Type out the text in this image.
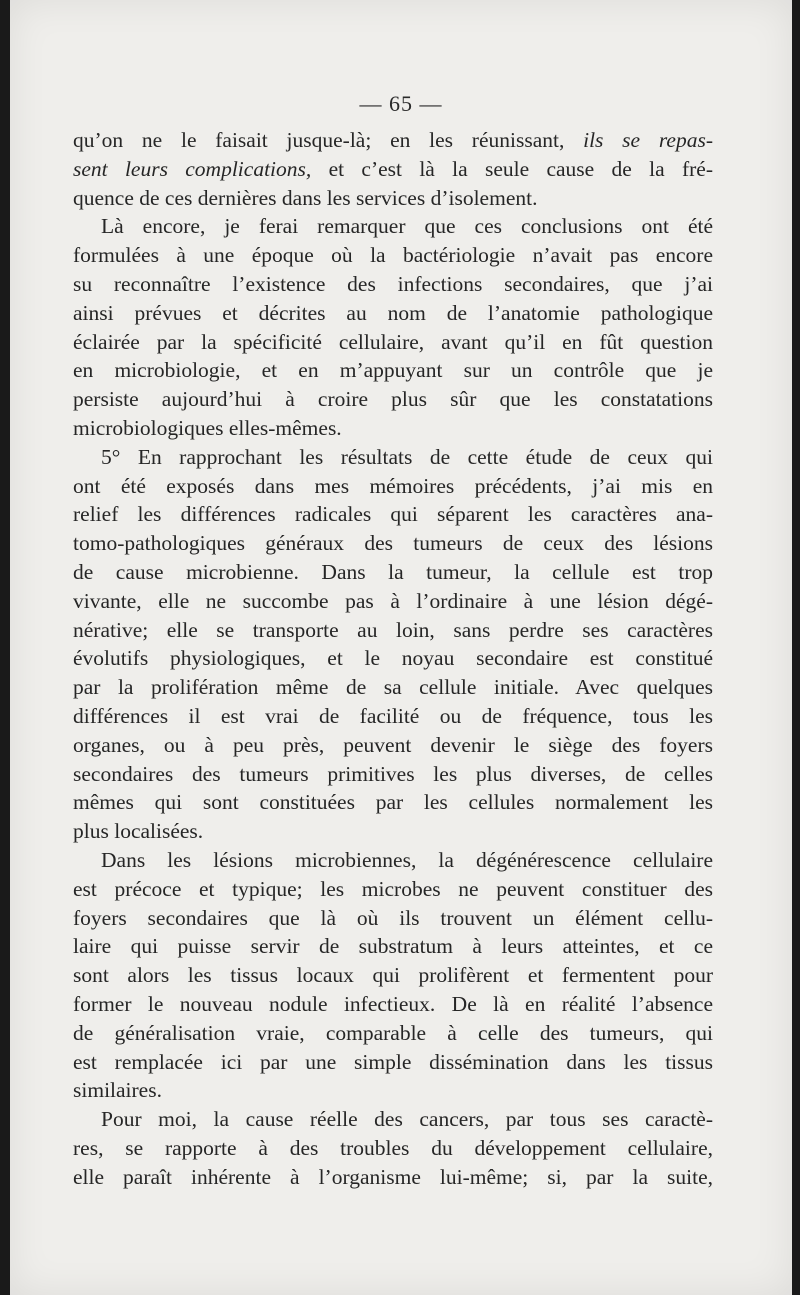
— 65 —

qu’on ne le faisait jusque-là; en les réunissant, ils se repas-
sent leurs complications, et c’est là la seule cause de la fré-
quence de ces dernières dans les services d’isolement.

Là encore, je ferai remarquer que ces conclusions ont été
formulées à une époque où la bactériologie n’avait pas encore
su reconnaître l’existence des infections secondaires, que j’ai
ainsi prévues et décrites au nom de l’anatomie pathologique
éclairée par la spécificité cellulaire, avant qu’il en fût question
en microbiologie, et en m’appuyant sur un contrôle que je
persiste aujourd’hui à croire plus sûr que les constatations
microbiologiques elles-mêmes.

5° En rapprochant les résultats de cette étude de ceux qui
ont été exposés dans mes mémoires précédents, j’ai mis en
relief les différences radicales qui séparent les caractères ana-
tomo-pathologiques généraux des tumeurs de ceux des lésions
de cause microbienne. Dans la tumeur, la cellule est trop
vivante, elle ne succombe pas à l’ordinaire à une lésion dégé-
nérative; elle se transporte au loin, sans perdre ses caractères
évolutifs physiologiques, et le noyau secondaire est constitué
par la prolifération même de sa cellule initiale. Avec quelques
différences il est vrai de facilité ou de fréquence, tous les
organes, ou à peu près, peuvent devenir le siège des foyers
secondaires des tumeurs primitives les plus diverses, de celles
mêmes qui sont constituées par les cellules normalement les
plus localisées.

Dans les lésions microbiennes, la dégénérescence cellulaire
est précoce et typique; les microbes ne peuvent constituer des
foyers secondaires que là où ils trouvent un élément cellu-
laire qui puisse servir de substratum à leurs atteintes, et ce
sont alors les tissus locaux qui prolifèrent et fermentent pour
former le nouveau nodule infectieux. De là en réalité l’absence
de généralisation vraie, comparable à celle des tumeurs, qui
est remplacée ici par une simple dissémination dans les tissus
similaires.

Pour moi, la cause réelle des cancers, par tous ses caractè-
res, se rapporte à des troubles du développement cellulaire,
elle paraît inhérente à l’organisme lui-même; si, par la suite,
